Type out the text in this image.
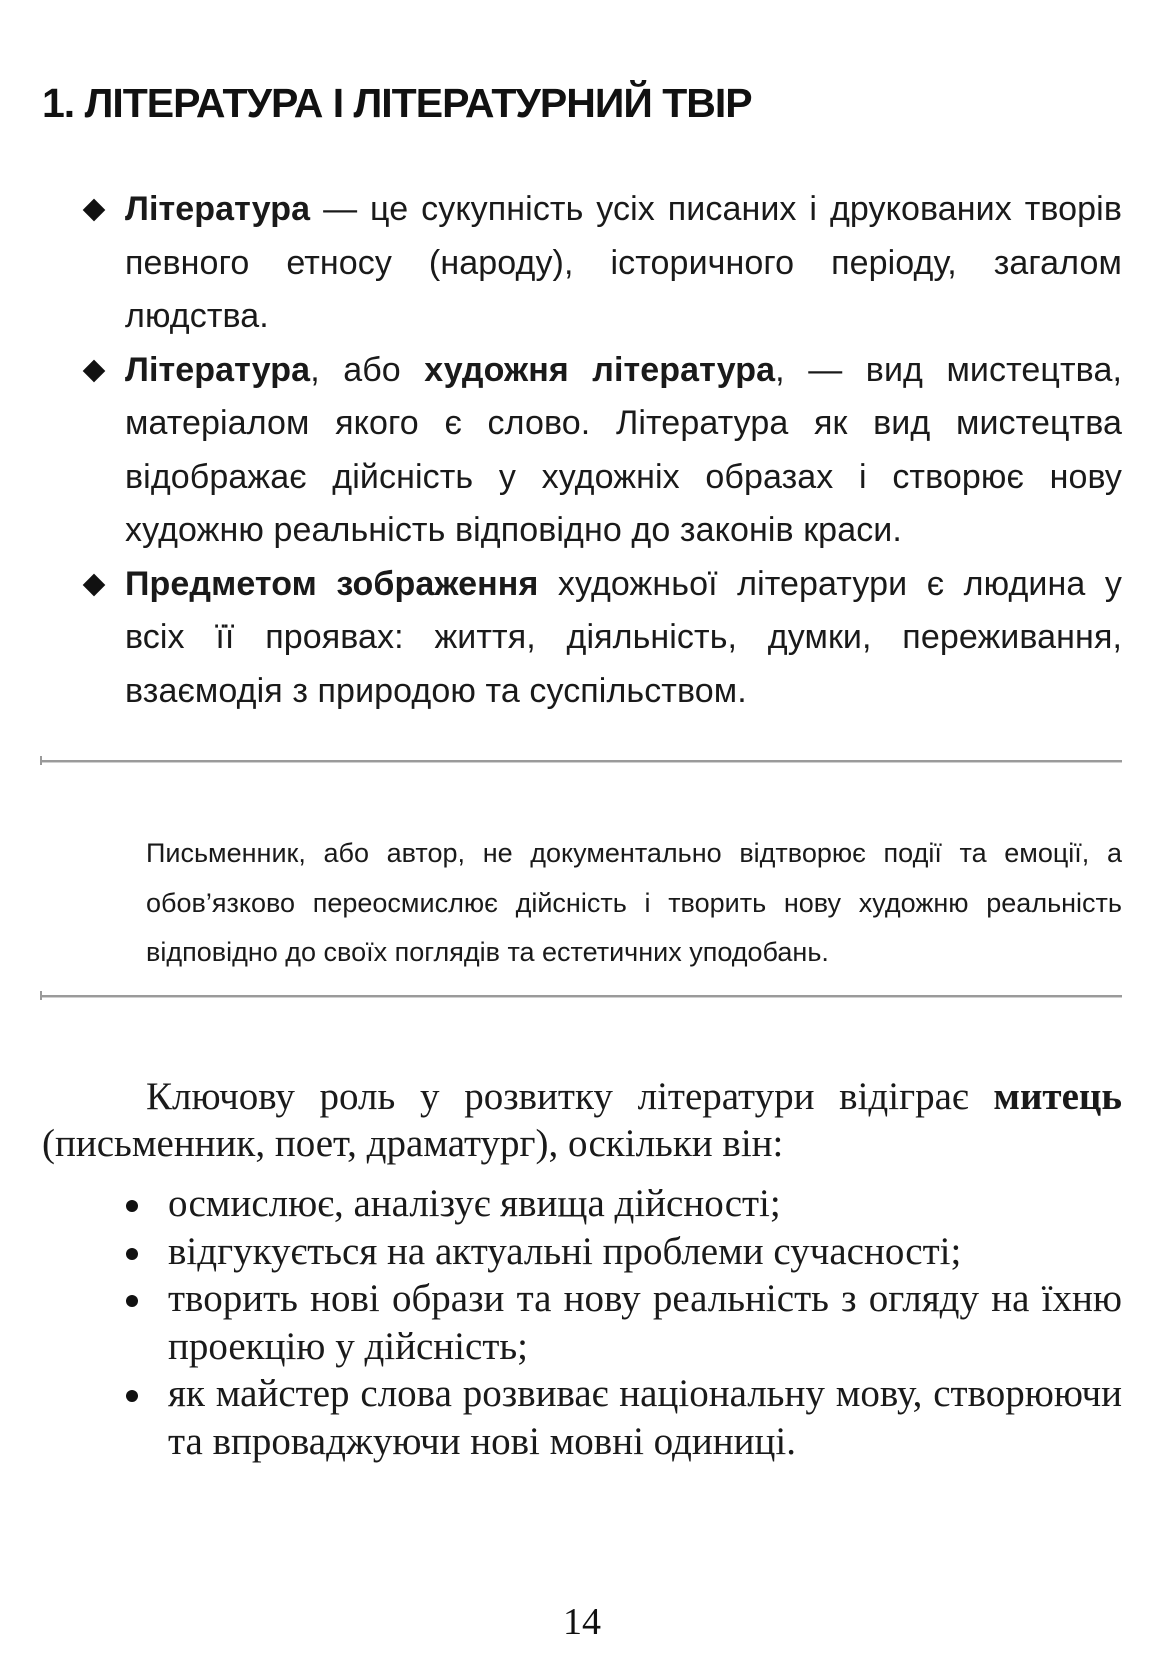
1. ЛІТЕРАТУРА І ЛІТЕРАТУРНИЙ ТВІР
Література — це сукупність усіх писаних і друкованих творів певного етносу (народу), історичного періоду, загалом людства.
Література, або художня література, — вид мистецтва, матеріалом якого є слово. Література як вид мистецтва відображає дійсність у художніх образах і створює нову художню реальність відповідно до законів краси.
Предметом зображення художньої літератури є людина у всіх її проявах: життя, діяльність, думки, переживання, взаємодія з природою та суспільством.

Письменник, або автор, не документально відтворює події та емоції, а обов’язково переосмислює дійсність і творить нову художню реальність відповідно до своїх поглядів та естетичних уподобань.

Ключову роль у розвитку літератури відіграє митець (письменник, поет, драматург), оскільки він:

осмислює, аналізує явища дійсності;
відгукується на актуальні проблеми сучасності;
творить нові образи та нову реальність з огляду на їхню проекцію у дійсність;
як майстер слова розвиває національну мову, створюючи та впроваджуючи нові мовні одиниці.
14
